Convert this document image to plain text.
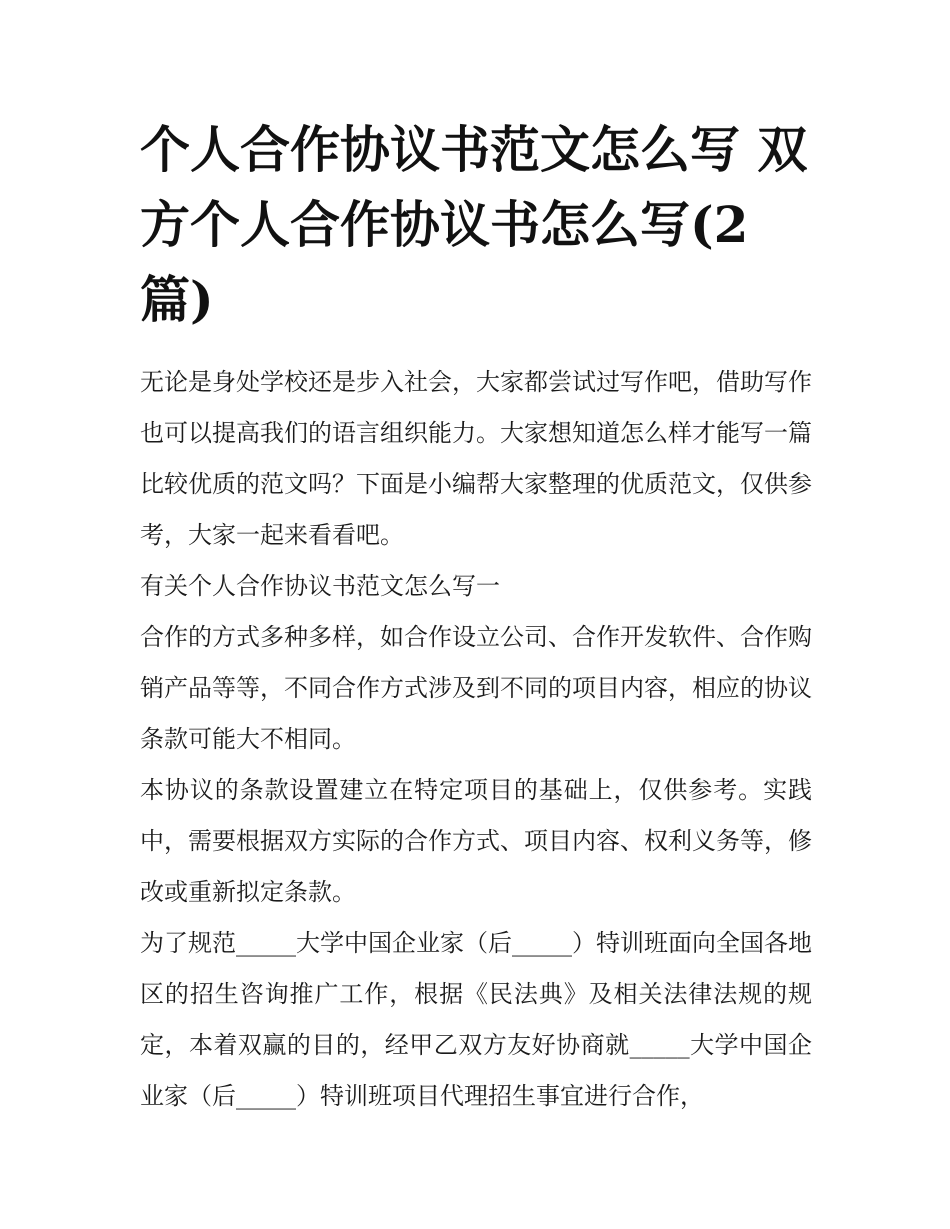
个人合作协议书范文怎么写 双方个人合作协议书怎么写(2篇)

无论是身处学校还是步入社会，大家都尝试过写作吧，借助写作也可以提高我们的语言组织能力。大家想知道怎么样才能写一篇比较优质的范文吗？下面是小编帮大家整理的优质范文，仅供参考，大家一起来看看吧。

有关个人合作协议书范文怎么写一

合作的方式多种多样，如合作设立公司、合作开发软件、合作购销产品等等，不同合作方式涉及到不同的项目内容，相应的协议条款可能大不相同。

本协议的条款设置建立在特定项目的基础上，仅供参考。实践中，需要根据双方实际的合作方式、项目内容、权利义务等，修改或重新拟定条款。

为了规范_____大学中国企业家（后_____）特训班面向全国各地区的招生咨询推广工作，根据《民法典》及相关法律法规的规定，本着双赢的目的，经甲乙双方友好协商就_____大学中国企业家（后_____）特训班项目代理招生事宜进行合作，
